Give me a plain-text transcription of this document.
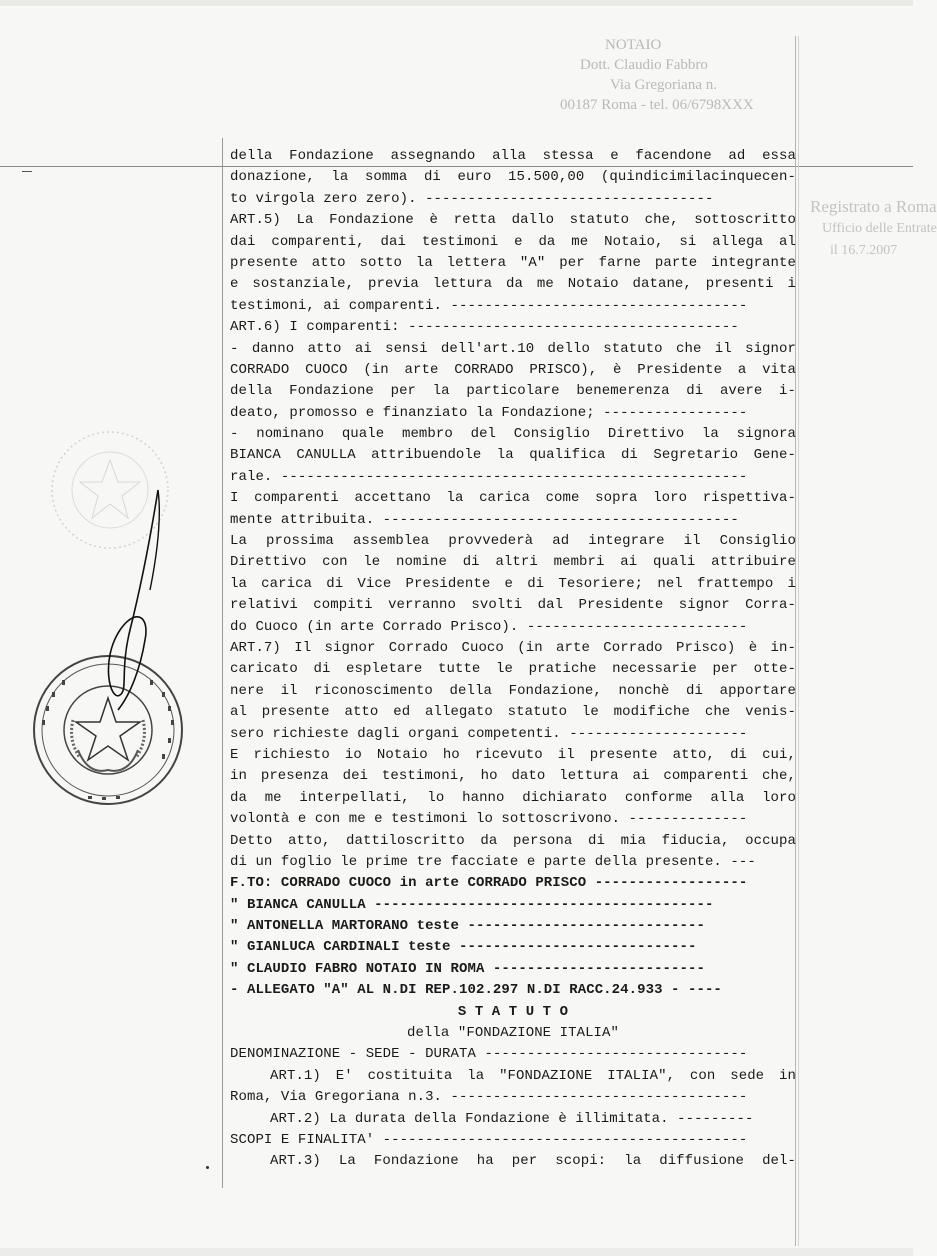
NOTAIO
Dott. Claudio Fabbro
Via Gregoriana n.
00187 Roma - tel. 06/6798XXX
Registrato a Roma
Ufficio delle Entrate
il 16.7.2007
della Fondazione assegnando alla stessa e facendone ad essa
donazione, la somma di euro 15.500,00 (quindicimilacinquecen-
to virgola zero zero). ----------------------------------
ART.5) La Fondazione è retta dallo statuto che, sottoscritto
dai comparenti, dai testimoni e da me Notaio, si allega al
presente atto sotto la lettera "A" per farne parte integrante
e sostanziale, previa lettura da me Notaio datane, presenti i
testimoni, ai comparenti. -----------------------------------
ART.6) I comparenti: ---------------------------------------
- danno atto ai sensi dell'art.10 dello statuto che il signor
CORRADO CUOCO (in arte CORRADO PRISCO), è Presidente a vita
della Fondazione per la particolare benemerenza di avere i-
deato, promosso e finanziato la Fondazione; -----------------
- nominano quale membro del Consiglio Direttivo la signora
BIANCA CANULLA attribuendole la qualifica di Segretario Gene-
rale. -------------------------------------------------------
I comparenti accettano la carica come sopra loro rispettiva-
mente attribuita. ------------------------------------------
La prossima assemblea provvederà ad integrare il Consiglio
Direttivo con le nomine di altri membri ai quali attribuire
la carica di Vice Presidente e di Tesoriere; nel frattempo i
relativi compiti verranno svolti dal Presidente signor Corra-
do Cuoco (in arte Corrado Prisco). --------------------------
ART.7) Il signor Corrado Cuoco (in arte Corrado Prisco) è in-
caricato di espletare tutte le pratiche necessarie per otte-
nere il riconoscimento della Fondazione, nonchè di apportare
al presente atto ed allegato statuto le modifiche che venis-
sero richieste dagli organi competenti. ---------------------
E richiesto io Notaio ho ricevuto il presente atto, di cui,
in presenza dei testimoni, ho dato lettura ai comparenti che,
da me interpellati, lo hanno dichiarato conforme alla loro
volontà e con me e testimoni lo sottoscrivono. --------------
Detto atto, dattiloscritto da persona di mia fiducia, occupa
di un foglio le prime tre facciate e parte della presente. ---
F.TO: CORRADO CUOCO in arte CORRADO PRISCO ------------------
" BIANCA CANULLA ----------------------------------------
" ANTONELLA MARTORANO teste ----------------------------
" GIANLUCA CARDINALI teste ----------------------------
" CLAUDIO FABRO NOTAIO IN ROMA -------------------------
- ALLEGATO "A" AL N.DI REP.102.297 N.DI RACC.24.933 - ----
S T A T U T O
della "FONDAZIONE ITALIA"
DENOMINAZIONE - SEDE - DURATA -------------------------------
ART.1) E' costituita la "FONDAZIONE ITALIA", con sede in
Roma, Via Gregoriana n.3. -----------------------------------
ART.2) La durata della Fondazione è illimitata. ---------
SCOPI E FINALITA' -------------------------------------------
ART.3) La Fondazione ha per scopi: la diffusione del-
